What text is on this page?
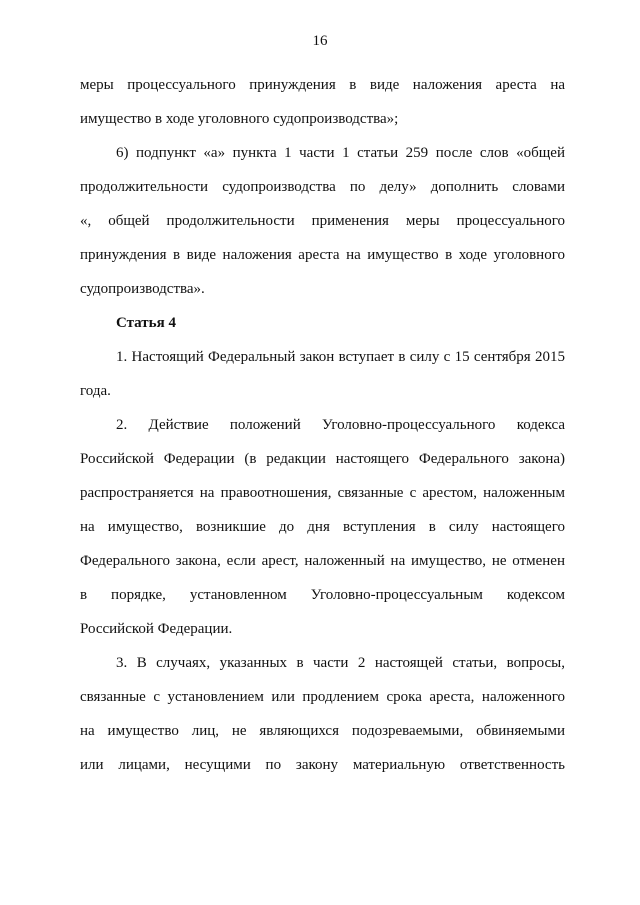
16
меры процессуального принуждения в виде наложения ареста на
имущество в ходе уголовного судопроизводства»;
6) подпункт «а» пункта 1 части 1 статьи 259 после слов «общей
продолжительности судопроизводства по делу» дополнить словами
«, общей продолжительности применения меры процессуального
принуждения в виде наложения ареста на имущество в ходе уголовного
судопроизводства».
Статья 4
1. Настоящий Федеральный закон вступает в силу с 15 сентября 2015
года.
2. Действие положений Уголовно-процессуального кодекса
Российской Федерации (в редакции настоящего Федерального закона)
распространяется на правоотношения, связанные с арестом, наложенным
на имущество, возникшие до дня вступления в силу настоящего
Федерального закона, если арест, наложенный на имущество, не отменен
в порядке, установленном Уголовно-процессуальным кодексом
Российской Федерации.
3. В случаях, указанных в части 2 настоящей статьи, вопросы,
связанные с установлением или продлением срока ареста, наложенного
на имущество лиц, не являющихся подозреваемыми, обвиняемыми
или лицами, несущими по закону материальную ответственность
